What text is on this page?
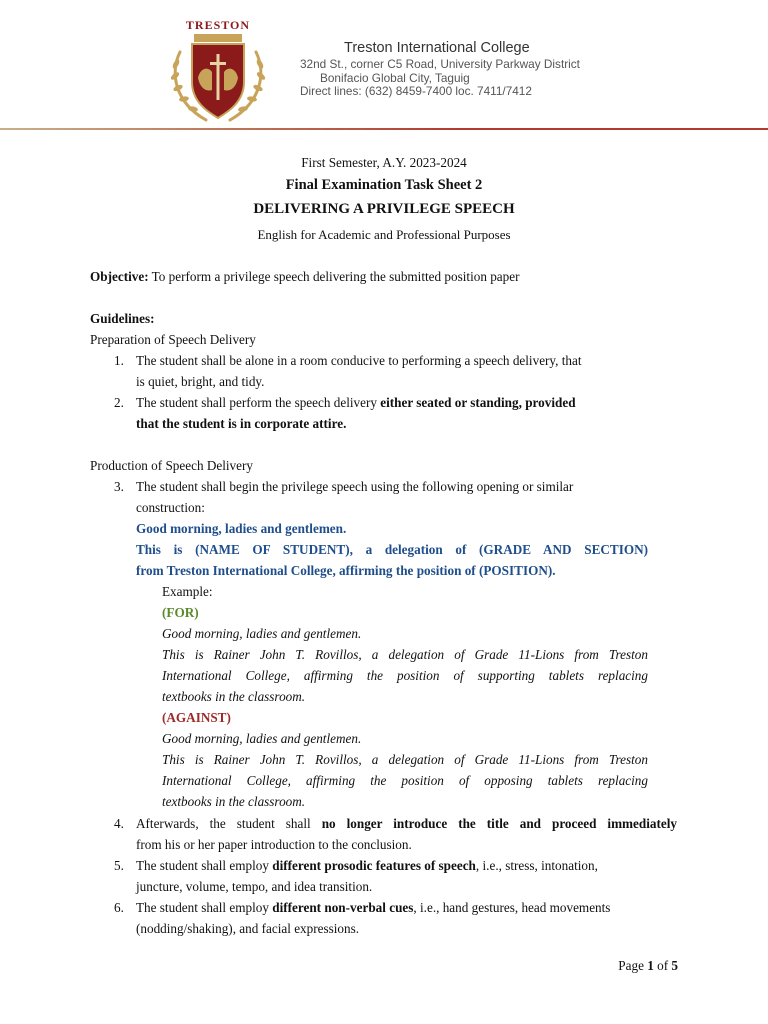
TRESTON
Treston International College
32nd St., corner C5 Road, University Parkway District
Bonifacio Global City, Taguig
Direct lines: (632) 8459-7400 loc. 7411/7412
First Semester, A.Y. 2023-2024
Final Examination Task Sheet 2
DELIVERING A PRIVILEGE SPEECH
English for Academic and Professional Purposes
Objective: To perform a privilege speech delivering the submitted position paper
Guidelines:
Preparation of Speech Delivery
1. The student shall be alone in a room conducive to performing a speech delivery, that
is quiet, bright, and tidy.
2. The student shall perform the speech delivery either seated or standing, provided
that the student is in corporate attire.
Production of Speech Delivery
3. The student shall begin the privilege speech using the following opening or similar
construction:
Good morning, ladies and gentlemen.
This is (NAME OF STUDENT), a delegation of (GRADE AND SECTION)
from Treston International College, affirming the position of (POSITION).
Example:
(FOR)
Good morning, ladies and gentlemen.
This is Rainer John T. Rovillos, a delegation of Grade 11-Lions from Treston
International College, affirming the position of supporting tablets replacing
textbooks in the classroom.
(AGAINST)
Good morning, ladies and gentlemen.
This is Rainer John T. Rovillos, a delegation of Grade 11-Lions from Treston
International College, affirming the position of opposing tablets replacing
textbooks in the classroom.
4. Afterwards, the student shall no longer introduce the title and proceed immediately
from his or her paper introduction to the conclusion.
5. The student shall employ different prosodic features of speech, i.e., stress, intonation,
juncture, volume, tempo, and idea transition.
6. The student shall employ different non-verbal cues, i.e., hand gestures, head movements
(nodding/shaking), and facial expressions.
Page 1 of 5
